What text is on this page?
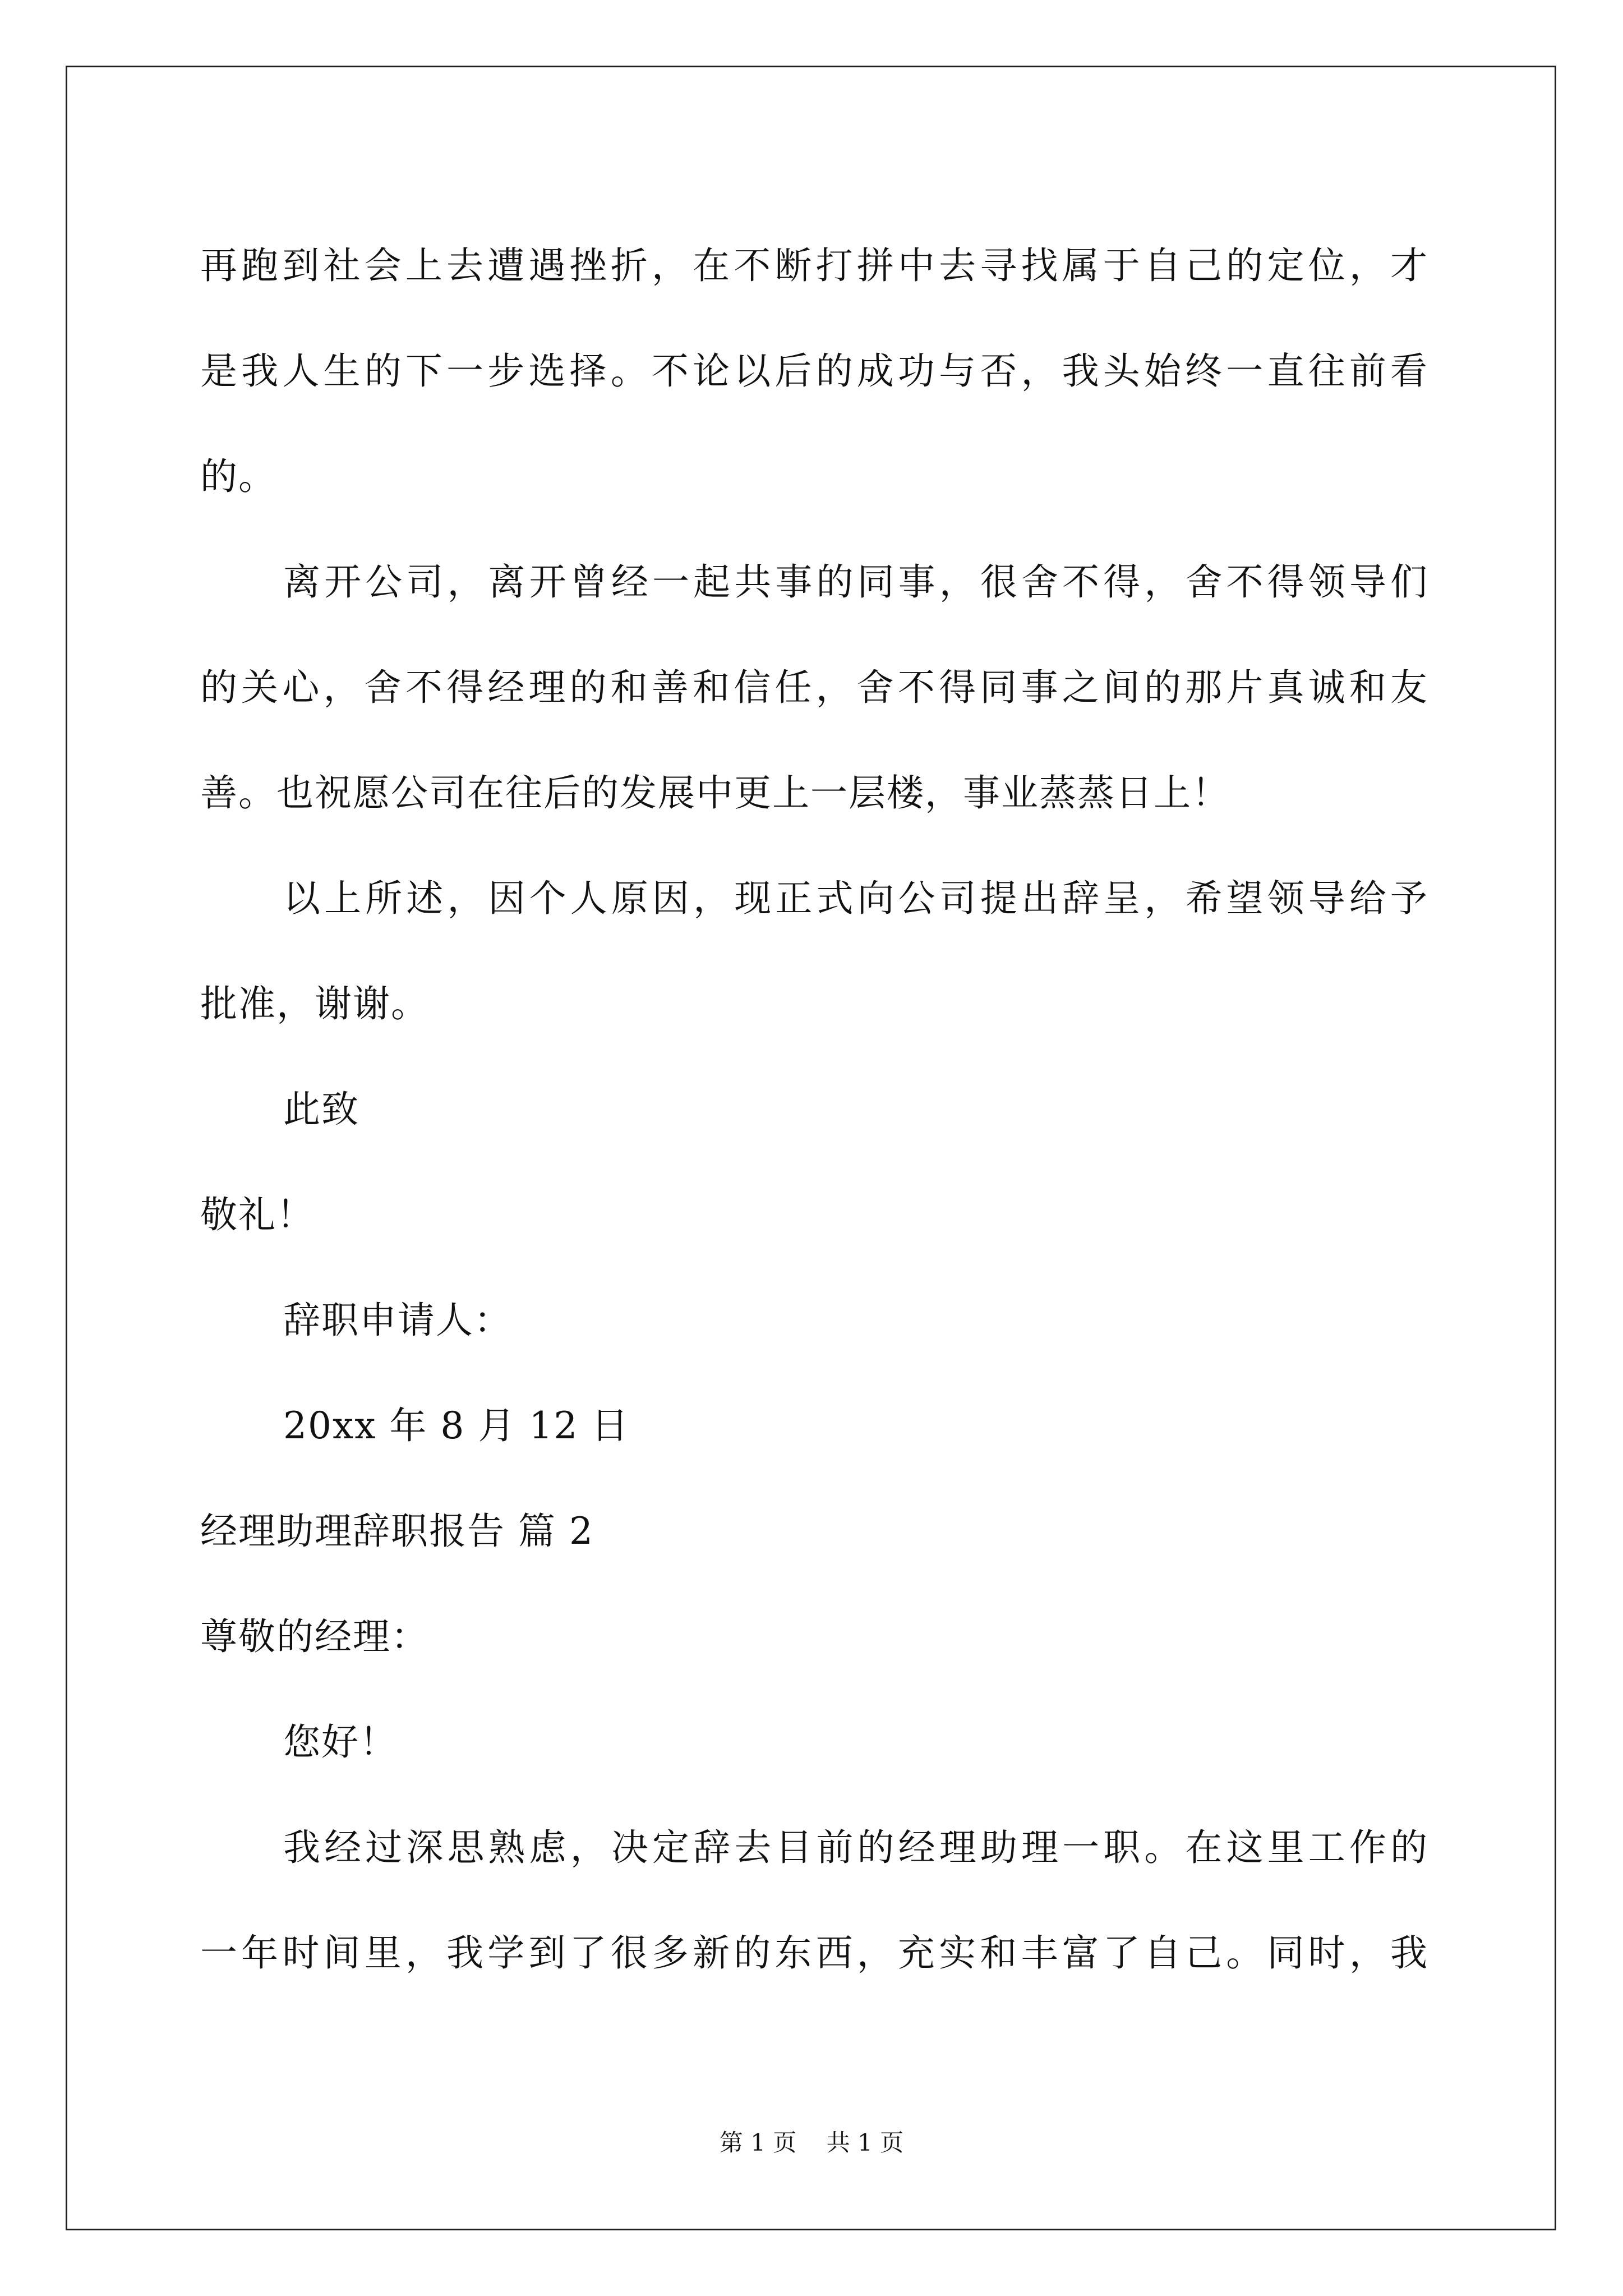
再跑到社会上去遭遇挫折，在不断打拼中去寻找属于自己的定位，才
是我人生的下一步选择。不论以后的成功与否，我头始终一直往前看
的。
离开公司，离开曾经一起共事的同事，很舍不得，舍不得领导们
的关心，舍不得经理的和善和信任，舍不得同事之间的那片真诚和友
善。也祝愿公司在往后的发展中更上一层楼，事业蒸蒸日上！
以上所述，因个人原因，现正式向公司提出辞呈，希望领导给予
批准，谢谢。
此致
敬礼！
辞职申请人：
20xx 年 8 月 12 日
经理助理辞职报告 篇 2
尊敬的经理：
您好！
我经过深思熟虑，决定辞去目前的经理助理一职。在这里工作的
一年时间里，我学到了很多新的东西，充实和丰富了自己。同时，我
第 1 页    共 1 页
